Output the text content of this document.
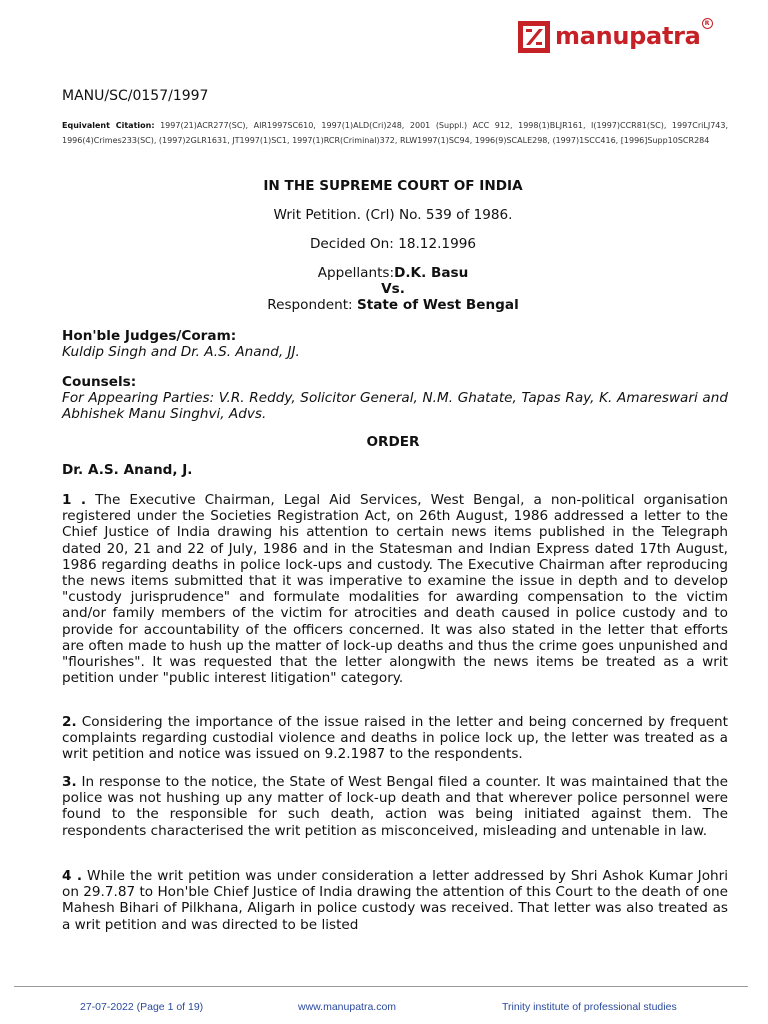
manupatra R
MANU/SC/0157/1997
Equivalent Citation: 1997(21)ACR277(SC), AIR1997SC610, 1997(1)ALD(Cri)248, 2001 (Suppl.) ACC 912, 1998(1)BLJR161, I(1997)CCR81(SC), 1997CriLJ743, 1996(4)Crimes233(SC), (1997)2GLR1631, JT1997(1)SC1, 1997(1)RCR(Criminal)372, RLW1997(1)SC94, 1996(9)SCALE298, (1997)1SCC416, [1996]Supp10SCR284
IN THE SUPREME COURT OF INDIA
Writ Petition. (Crl) No. 539 of 1986.
Decided On: 18.12.1996
Appellants:D.K. Basu
Vs.
Respondent: State of West Bengal
Hon'ble Judges/Coram:
Kuldip Singh and Dr. A.S. Anand, JJ.
Counsels:
For Appearing Parties: V.R. Reddy, Solicitor General, N.M. Ghatate, Tapas Ray, K. Amareswari and Abhishek Manu Singhvi, Advs.
ORDER
Dr. A.S. Anand, J.
1 . The Executive Chairman, Legal Aid Services, West Bengal, a non-political organisation registered under the Societies Registration Act, on 26th August, 1986 addressed a letter to the Chief Justice of India drawing his attention to certain news items published in the Telegraph dated 20, 21 and 22 of July, 1986 and in the Statesman and Indian Express dated 17th August, 1986 regarding deaths in police lock-ups and custody. The Executive Chairman after reproducing the news items submitted that it was imperative to examine the issue in depth and to develop "custody jurisprudence" and formulate modalities for awarding compensation to the victim and/or family members of the victim for atrocities and death caused in police custody and to provide for accountability of the officers concerned. It was also stated in the letter that efforts are often made to hush up the matter of lock-up deaths and thus the crime goes unpunished and "flourishes". It was requested that the letter alongwith the news items be treated as a writ petition under "public interest litigation" category.
2. Considering the importance of the issue raised in the letter and being concerned by frequent complaints regarding custodial violence and deaths in police lock up, the letter was treated as a writ petition and notice was issued on 9.2.1987 to the respondents.
3. In response to the notice, the State of West Bengal filed a counter. It was maintained that the police was not hushing up any matter of lock-up death and that wherever police personnel were found to the responsible for such death, action was being initiated against them. The respondents characterised the writ petition as misconceived, misleading and untenable in law.
4 . While the writ petition was under consideration a letter addressed by Shri Ashok Kumar Johri on 29.7.87 to Hon'ble Chief Justice of India drawing the attention of this Court to the death of one Mahesh Bihari of Pilkhana, Aligarh in police custody was received. That letter was also treated as a writ petition and was directed to be listed
27-07-2022 (Page 1 of 19)	www.manupatra.com	Trinity institute of professional studies
